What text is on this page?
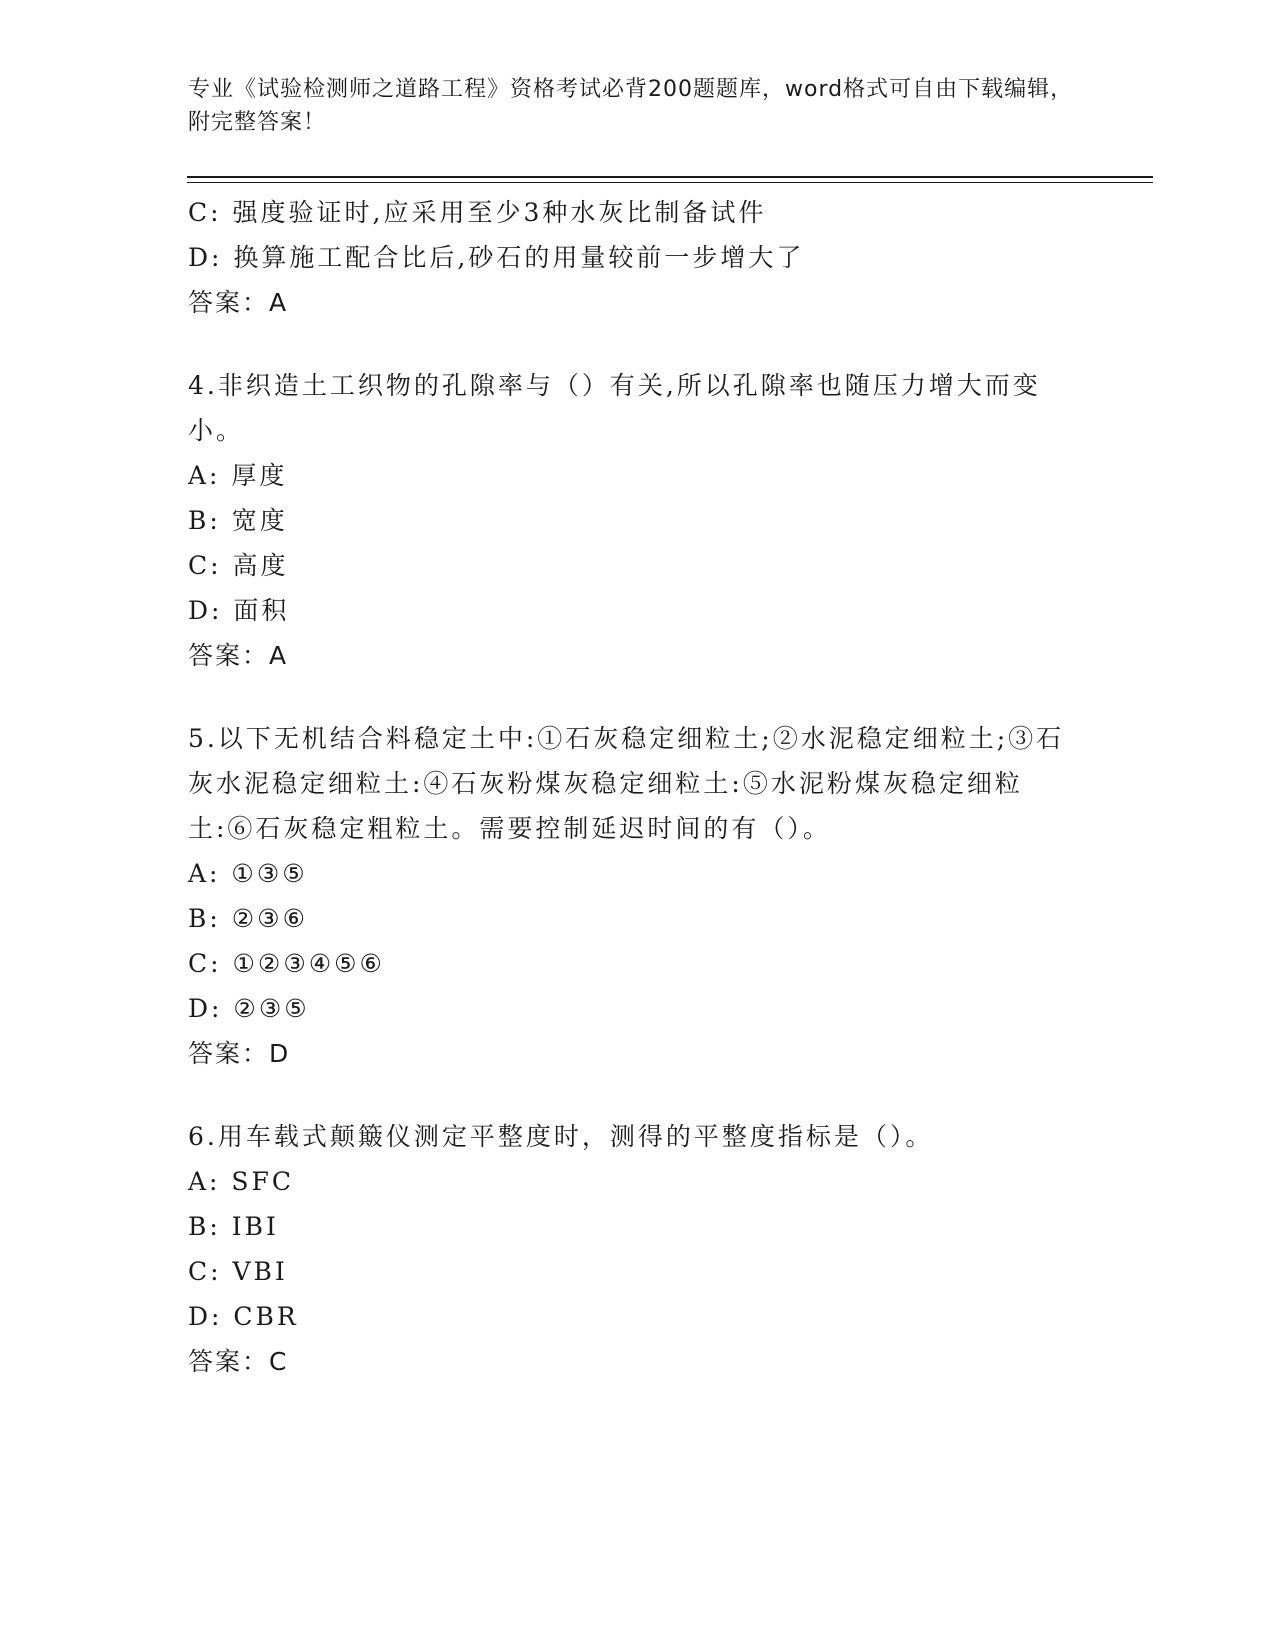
专业《试验检测师之道路工程》资格考试必背200题题库，word格式可自由下载编辑，附完整答案！
C: 强度验证时,应采用至少3种水灰比制备试件
D: 换算施工配合比后,砂石的用量较前一步增大了
答案：A
4.非织造土工织物的孔隙率与（）有关,所以孔隙率也随压力增大而变小。
A: 厚度
B: 宽度
C: 高度
D: 面积
答案：A
5.以下无机结合料稳定土中:①石灰稳定细粒土;②水泥稳定细粒土;③石灰水泥稳定细粒土:④石灰粉煤灰稳定细粒土:⑤水泥粉煤灰稳定细粒土:⑥石灰稳定粗粒土。需要控制延迟时间的有（）。
A: ①③⑤
B: ②③⑥
C: ①②③④⑤⑥
D: ②③⑤
答案：D
6.用车载式颠簸仪测定平整度时，测得的平整度指标是（）。
A: SFC
B: IBI
C: VBI
D: CBR
答案：C
